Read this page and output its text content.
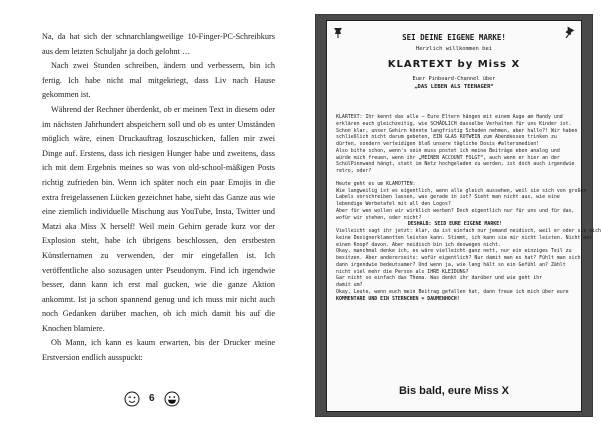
Na, da hat sich der schnarchlangweilige 10-Finger-PC-Schreibkurs aus dem letzten Schuljahr ja doch gelohnt …

Nach zwei Stunden schreiben, ändern und verbessern, bin ich fertig. Ich habe nicht mal mitgekriegt, dass Liv nach Hause gekommen ist.

Während der Rechner überdenkt, ob er meinen Text in diesem oder im nächsten Jahrhundert abspeichern soll und ob es unter Umständen möglich wäre, einen Druckauftrag loszuschicken, fallen mir zwei Dinge auf. Erstens, dass ich riesigen Hunger habe und zweitens, dass ich mit dem Ergebnis meines so was von old-school-mäßigen Posts richtig zufrieden bin. Wenn ich später noch ein paar Emojis in die extra freigelassenen Lücken gezeichnet habe, sieht das Ganze aus wie eine ziemlich individuelle Mischung aus YouTube, Insta, Twitter und Matzi aka Miss X herself! Weil mein Gehirn gerade kurz vor der Explosion steht, habe ich übrigens beschlossen, den erstbesten Künstlernamen zu verwenden, der mir eingefallen ist. Ich veröffentliche also sozusagen unter Pseudonym. Find ich irgendwie besser, dann kann ich erst mal gucken, wie die ganze Aktion ankommt. Ist ja schon spannend genug und ich muss mir nicht auch noch Gedanken darüber machen, ob ich mich damit bis auf die Knochen blamiere.

Oh Mann, ich kann es kaum erwarten, bis der Drucker meine Erstversion endlich ausspuckt:

6
SEI DEINE EIGENE MARKE!
Herzlich willkommen bei
KLARTEXT by Miss X
Euer Pinboard-Channel über
„DAS LEBEN ALS TEENAGER“
KLARTEXT: Ihr kennt das alle – Eure Eltern hängen mit einem Auge am Handy und
erklären euch gleichzeitig, wie SCHÄDLICH dasselbe Verhalten für uns Kinder ist.
Schon klar, unser Gehirn könnte langfristig Schaden nehmen, aber hallo?! Wir haben
schließlich nicht darum gebeten, EIN GLAS ROTWEIN zum Abendessen trinken zu
dürfen, sondern verteidigen bloß unsere tägliche Dosis #altersmedien!
Also bitte schon, wenn's sein muss postet ich meine Beiträge eben analog und
würde mich freuen, wenn ihr „MEINEN ACCOUNT FOLGT“, auch wenn er hier an der
SchülPinnwand hängt, statt im Netz hochgeladen zu werden, ist doch auch irgendwie
retro, oder?
Heute geht es um KLAMOTTEN:
Wie langweilig ist es eigentlich, wenn alle gleich aussehen, weil sie sich von großen
Labels vorschreiben lassen, was gerade in ist? Sieht man nicht aus, wie eine
lebendige Werbetafel mit all den Logos?
Aber für wen wollen wir wirklich werben? Doch eigentlich nur für uns und für das,
wofür wir stehen, oder nicht?
DESHALB: SEID EURE EIGENE MARKE!
Vielleicht sagt ihr jetzt: klar, da ist einfach nur jemand neidisch, weil er oder sie sich
keine Designerklamotten leisten kann. Stimmt, ich kann sie mir nicht leisten. Nicht mal
einen Knopf davon. Aber neidisch bin ich deswegen nicht.
Okay, manchmal denke ich, es wäre vielleicht ganz nett, nur ein einziges Teil zu
besitzen. Aber andererseits: wofür eigentlich? Nur damit man es hat? Fühlt man sich
dann irgendwie bedeutsamer? Und wenn ja, wie lang hält so ein Gefühl an? Zählt
nicht viel mehr die Person als IHRE KLEIDUNG?
Gar nicht so einfach das Thema. Was denkt ihr darüber und wie geht ihr
damit um?
Okay, Leute, wenn euch mein Beitrag gefallen hat, dann freue ich mich über eure
KOMMENTARE UND EIN STERNCHEN = DAUMENHOCH!
Bis bald, eure Miss X
